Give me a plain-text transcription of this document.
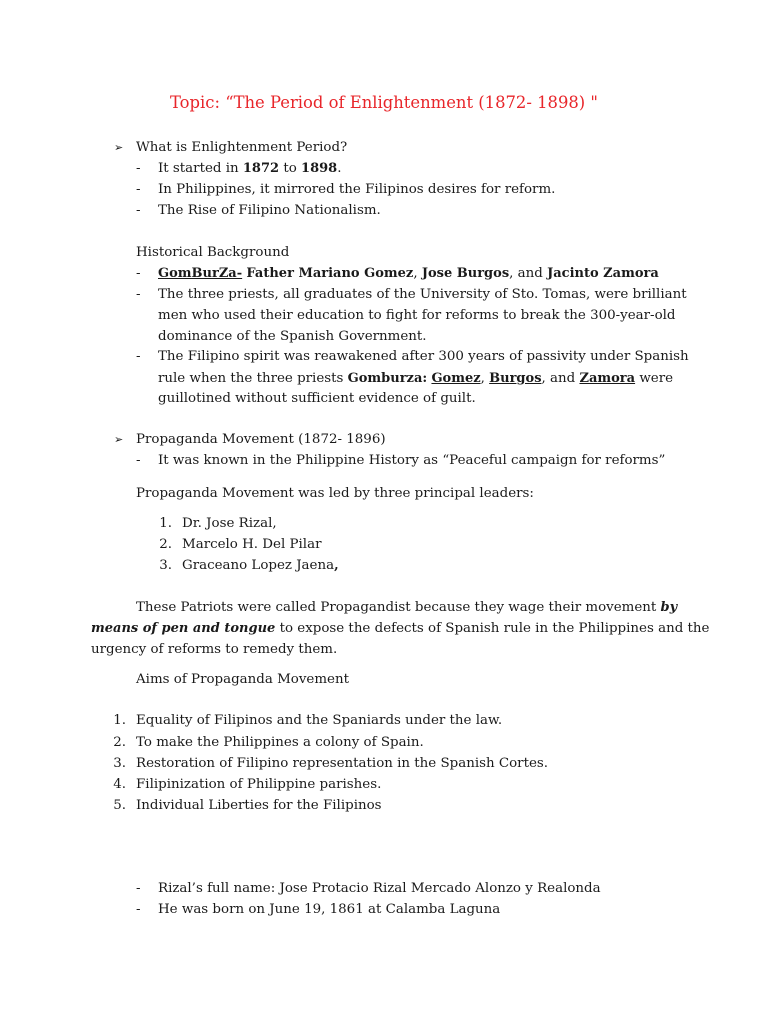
Topic: “The Period of Enlightenment (1872- 1898) "
➢ What is Enlightenment Period?
- It started in 1872 to 1898.
- In Philippines, it mirrored the Filipinos desires for reform.
- The Rise of Filipino Nationalism.
Historical Background
- GomBurZa- Father Mariano Gomez, Jose Burgos, and Jacinto Zamora
- The three priests, all graduates of the University of Sto. Tomas, were brilliant
men who used their education to fight for reforms to break the 300-year-old
dominance of the Spanish Government.
- The Filipino spirit was reawakened after 300 years of passivity under Spanish
rule when the three priests Gomburza: Gomez, Burgos, and Zamora were
guillotined without sufficient evidence of guilt.
➢ Propaganda Movement (1872- 1896)
- It was known in the Philippine History as “Peaceful campaign for reforms”
Propaganda Movement was led by three principal leaders:
1. Dr. Jose Rizal,
2. Marcelo H. Del Pilar
3. Graceano Lopez Jaena,
These Patriots were called Propagandist because they wage their movement by
means of pen and tongue to expose the defects of Spanish rule in the Philippines and the
urgency of reforms to remedy them.
Aims of Propaganda Movement
1. Equality of Filipinos and the Spaniards under the law.
2. To make the Philippines a colony of Spain.
3. Restoration of Filipino representation in the Spanish Cortes.
4. Filipinization of Philippine parishes.
5. Individual Liberties for the Filipinos
- Rizal’s full name: Jose Protacio Rizal Mercado Alonzo y Realonda
- He was born on June 19, 1861 at Calamba Laguna
